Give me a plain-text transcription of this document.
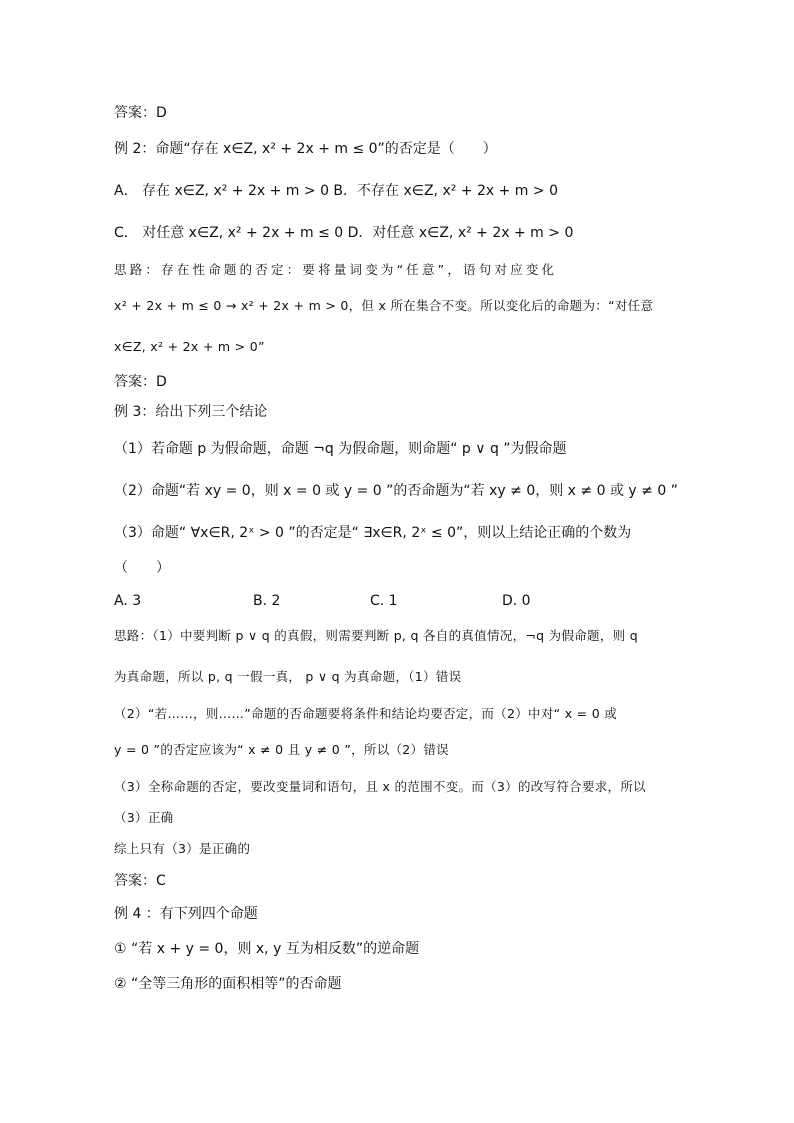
答案：D
例 2：命题“存在 x∈Z, x² + 2x + m ≤ 0”的否定是（　　）
A． 存在 x∈Z, x² + 2x + m > 0 B．不存在 x∈Z, x² + 2x + m > 0
C． 对任意 x∈Z, x² + 2x + m ≤ 0 D．对任意 x∈Z, x² + 2x + m > 0
思路：存在性命题的否定：要将量词变为“任意”，语句对应变化
x² + 2x + m ≤ 0 → x² + 2x + m > 0，但 x 所在集合不变。所以变化后的命题为：“对任意
x∈Z, x² + 2x + m > 0”
答案：D
例 3：给出下列三个结论
（1）若命题 p 为假命题，命题 ¬q 为假命题，则命题“ p ∨ q ”为假命题
（2）命题“若 xy = 0，则 x = 0 或 y = 0 ”的否命题为“若 xy ≠ 0，则 x ≠ 0 或 y ≠ 0 ”
（3）命题“ ∀x∈R, 2ˣ > 0 ”的否定是“ ∃x∈R, 2ˣ ≤ 0”，则以上结论正确的个数为
（　　）
A. 3	B. 2	C. 1	D. 0
思路：（1）中要判断 p ∨ q 的真假，则需要判断 p, q 各自的真值情况，¬q 为假命题，则 q
为真命题，所以 p, q 一假一真， p ∨ q 为真命题，（1）错误
（2）“若……，则……”命题的否命题要将条件和结论均要否定，而（2）中对“ x = 0 或
y = 0 ”的否定应该为“ x ≠ 0 且 y ≠ 0 ”，所以（2）错误
（3）全称命题的否定，要改变量词和语句，且 x 的范围不变。而（3）的改写符合要求，所以
（3）正确
综上只有（3）是正确的
答案：C
例 4 ：有下列四个命题
① “若 x + y = 0，则 x, y 互为相反数”的逆命题
② “全等三角形的面积相等”的否命题
